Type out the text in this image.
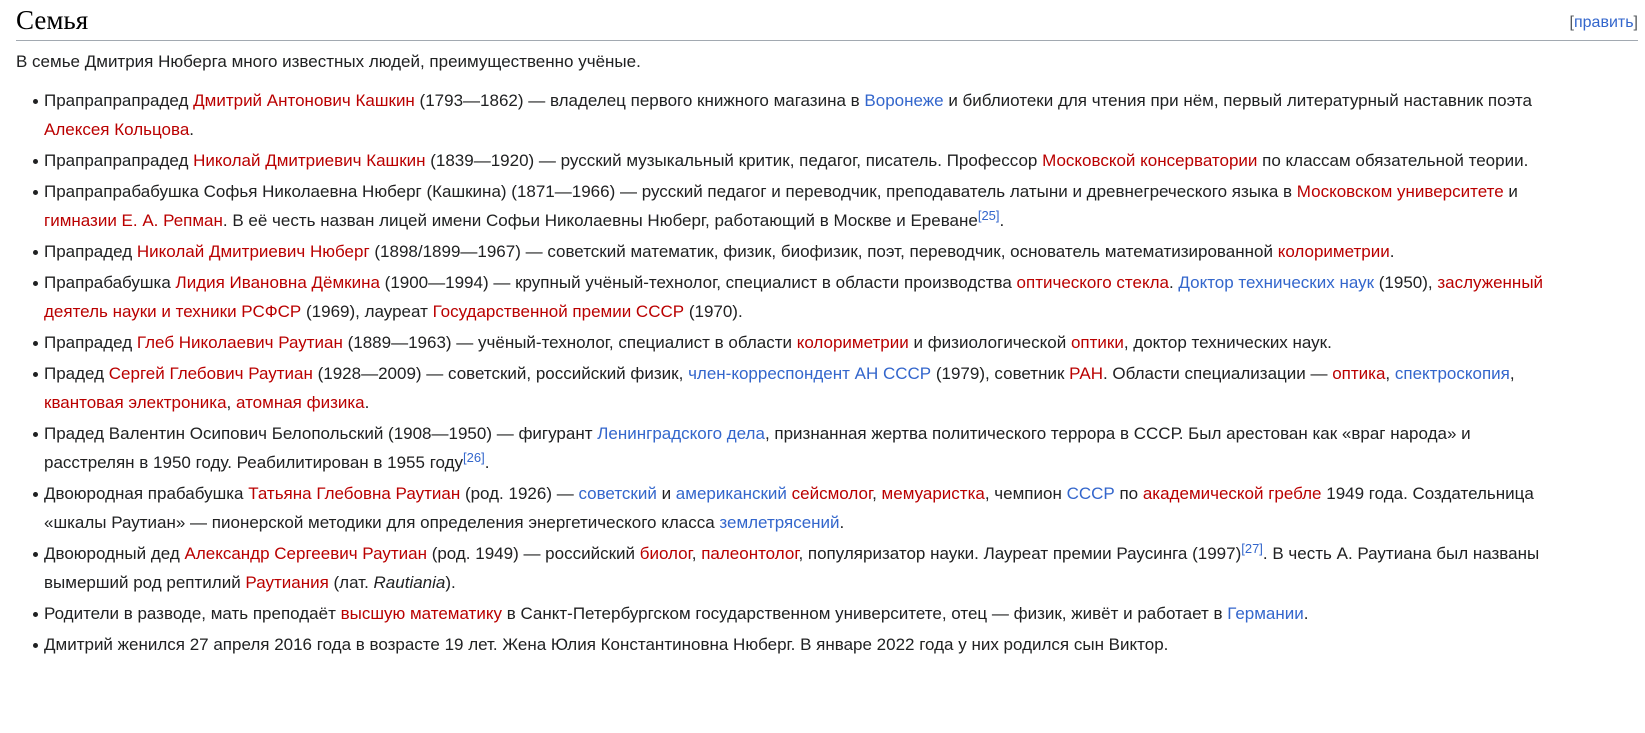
Семья	[править]

В семье Дмитрия Нюберга много известных людей, преимущественно учёные.

Прапрапрапрадед Дмитрий Антонович Кашкин (1793—1862) — владелец первого книжного магазина в Воронеже и библиотеки для чтения при нём, первый литературный наставник поэта Алексея Кольцова.
Прапрапрапрадед Николай Дмитриевич Кашкин (1839—1920) — русский музыкальный критик, педагог, писатель. Профессор Московской консерватории по классам обязательной теории.
Прапрапрабабушка Софья Николаевна Нюберг (Кашкина) (1871—1966) — русский педагог и переводчик, преподаватель латыни и древнегреческого языка в Московском университете и гимназии Е. А. Репман. В её честь назван лицей имени Софьи Николаевны Нюберг, работающий в Москве и Ереване[25].
Прапрадед Николай Дмитриевич Нюберг (1898/1899—1967) — советский математик, физик, биофизик, поэт, переводчик, основатель математизированной колориметрии.
Прапрабабушка Лидия Ивановна Дёмкина (1900—1994) — крупный учёный-технолог, специалист в области производства оптического стекла. Доктор технических наук (1950), заслуженный деятель науки и техники РСФСР (1969), лауреат Государственной премии СССР (1970).
Прапрадед Глеб Николаевич Раутиан (1889—1963) — учёный-технолог, специалист в области колориметрии и физиологической оптики, доктор технических наук.
Прадед Сергей Глебович Раутиан (1928—2009) — советский, российский физик, член-корреспондент АН СССР (1979), советник РАН. Области специализации — оптика, спектроскопия, квантовая электроника, атомная физика.
Прадед Валентин Осипович Белопольский (1908—1950) — фигурант Ленинградского дела, признанная жертва политического террора в СССР. Был арестован как «враг народа» и расстрелян в 1950 году. Реабилитирован в 1955 году[26].
Двоюродная прабабушка Татьяна Глебовна Раутиан (род. 1926) — советский и американский сейсмолог, мемуаристка, чемпион СССР по академической гребле 1949 года. Создательница «шкалы Раутиан» — пионерской методики для определения энергетического класса землетрясений.
Двоюродный дед Александр Сергеевич Раутиан (род. 1949) — российский биолог, палеонтолог, популяризатор науки. Лауреат премии Раусинга (1997)[27]. В честь А. Раутиана был названы вымерший род рептилий Раутиания (лат. Rautiania).
Родители в разводе, мать преподаёт высшую математику в Санкт-Петербургском государственном университете, отец — физик, живёт и работает в Германии.
Дмитрий женился 27 апреля 2016 года в возрасте 19 лет. Жена Юлия Константиновна Нюберг. В январе 2022 года у них родился сын Виктор.
